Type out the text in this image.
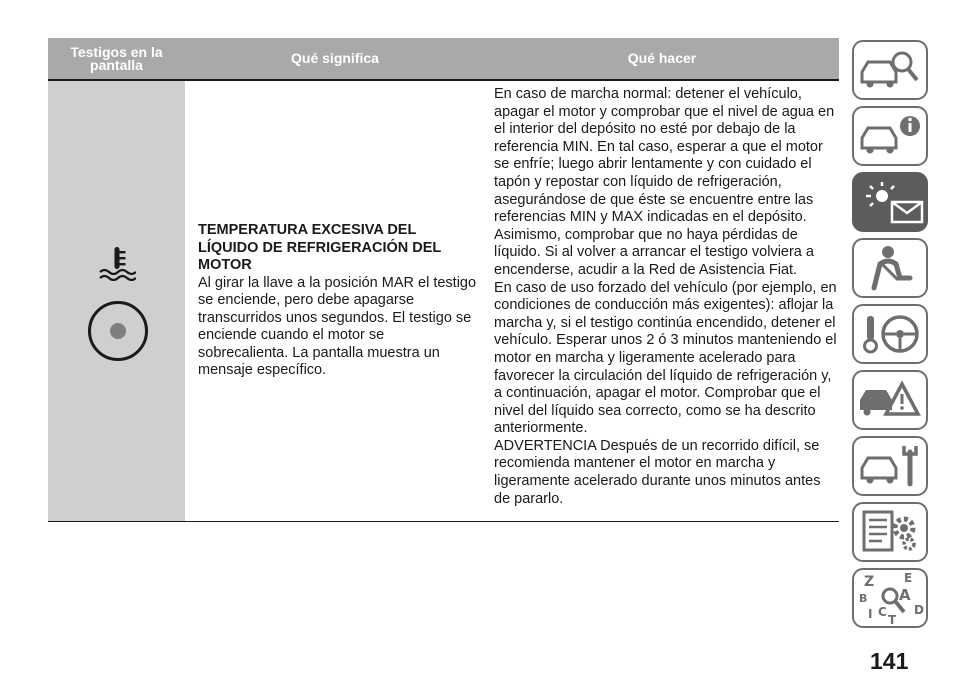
Testigos en la pantalla	Qué significa	Qué hacer
TEMPERATURA EXCESIVA DEL LÍQUIDO DE REFRIGERACIÓN DEL MOTOR
Al girar la llave a la posición MAR el testigo se enciende, pero debe apagarse transcurridos unos segundos. El testigo se enciende cuando el motor se sobrecalienta. La pantalla muestra un mensaje específico.

En caso de marcha normal: detener el vehículo, apagar el motor y comprobar que el nivel de agua en el interior del depósito no esté por debajo de la referencia MIN. En tal caso, esperar a que el motor se enfríe; luego abrir lentamente y con cuidado el tapón y repostar con líquido de refrigeración, asegurándose de que éste se encuentre entre las referencias MIN y MAX indicadas en el depósito. Asimismo, comprobar que no haya pérdidas de líquido. Si al volver a arrancar el testigo volviera a encenderse, acudir a la Red de Asistencia Fiat.

En caso de uso forzado del vehículo (por ejemplo, en condiciones de conducción más exigentes): aflojar la marcha y, si el testigo continúa encendido, detener el vehículo. Esperar unos 2 ó 3 minutos manteniendo el motor en marcha y ligeramente acelerado para favorecer la circulación del líquido de refrigeración y, a continuación, apagar el motor. Comprobar que el nivel del líquido sea correcto, como se ha descrito anteriormente.

ADVERTENCIA Después de un recorrido difícil, se recomienda mantener el motor en marcha y ligeramente acelerado durante unos minutos antes de pararlo.

Z E
B A
I C D
T
141
